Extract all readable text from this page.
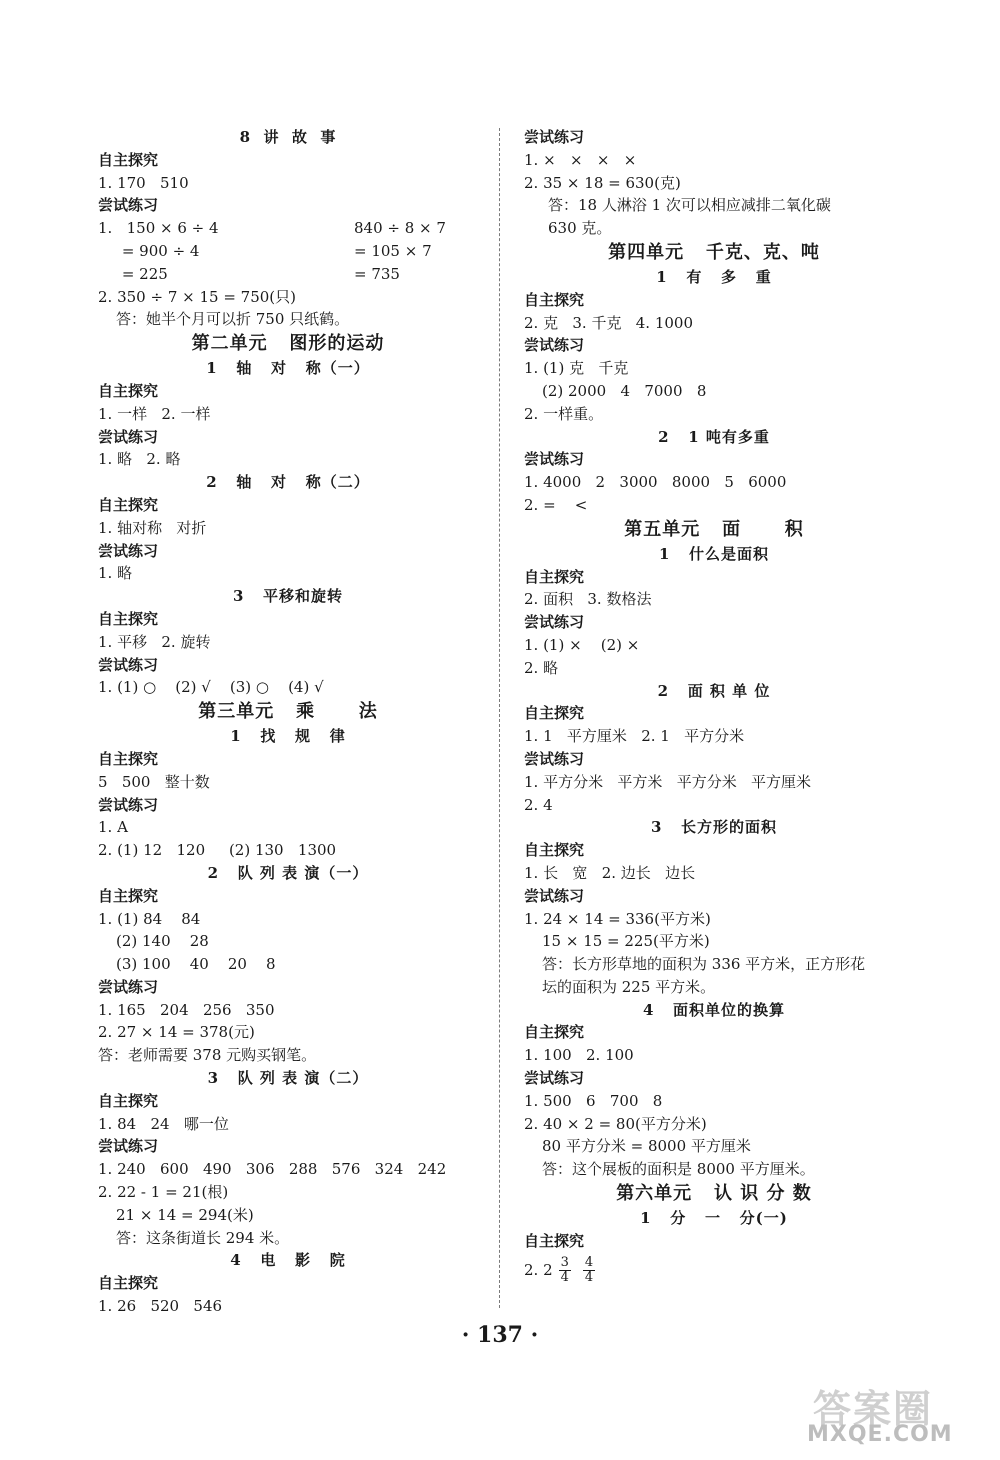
8  讲  故  事
自主探究
1. 170   510
尝试练习
1.   150 × 6 ÷ 4	840 ÷ 8 × 7
= 900 ÷ 4	= 105 × 7
= 225	= 735
2. 350 ÷ 7 × 15 = 750(只)
答：她半个月可以折 750 只纸鹤。
第二单元   图形的运动
1   轴   对   称（一）
自主探究
1. 一样   2. 一样
尝试练习
1. 略   2. 略
2   轴   对   称（二）
自主探究
1. 轴对称   对折
尝试练习
1. 略
3   平移和旋转
自主探究
1. 平移   2. 旋转
尝试练习
1. (1) ○    (2) √    (3) ○    (4) √
第三单元   乘      法
1   找   规   律
自主探究
5   500   整十数
尝试练习
1. A
2. (1) 12   120     (2) 130   1300
2   队 列 表 演（一）
自主探究
1. (1) 84    84
(2) 140    28
(3) 100    40    20    8
尝试练习
1. 165   204   256   350
2. 27 × 14 = 378(元)
答：老师需要 378 元购买钢笔。
3   队 列 表 演（二）
自主探究
1. 84   24   哪一位
尝试练习
1. 240   600   490   306   288   576   324   242
2. 22 - 1 = 21(根)
21 × 14 = 294(米)
答：这条街道长 294 米。
4   电   影   院
自主探究
1. 26   520   546
尝试练习
1. ×   ×   ×   ×
2. 35 × 18 = 630(克)
答：18 人淋浴 1 次可以相应减排二氧化碳
630 克。
第四单元   千克、克、吨
1   有   多   重
自主探究
2. 克   3. 千克   4. 1000
尝试练习
1. (1) 克   千克
(2) 2000   4   7000   8
2. 一样重。
2   1 吨有多重
尝试练习
1. 4000   2   3000   8000   5   6000
2. =    <
第五单元   面      积
1   什么是面积
自主探究
2. 面积   3. 数格法
尝试练习
1. (1) ×    (2) ×
2. 略
2   面 积 单 位
自主探究
1. 1   平方厘米   2. 1   平方分米
尝试练习
1. 平方分米   平方米   平方分米   平方厘米
2. 4
3   长方形的面积
自主探究
1. 长   宽   2. 边长   边长
尝试练习
1. 24 × 14 = 336(平方米)
15 × 15 = 225(平方米)
答：长方形草地的面积为 336 平方米，正方形花
坛的面积为 225 平方米。
4   面积单位的换算
自主探究
1. 100   2. 100
尝试练习
1. 500   6   700   8
2. 40 × 2 = 80(平方分米)
80 平方分米 = 8000 平方厘米
答：这个展板的面积是 8000 平方厘米。
第六单元   认 识 分 数
1   分   一   分(一)
自主探究
2. $2 \frac{3}{4} \frac{4}{4}$
· 137 ·
答案圈
MXQE.COM
